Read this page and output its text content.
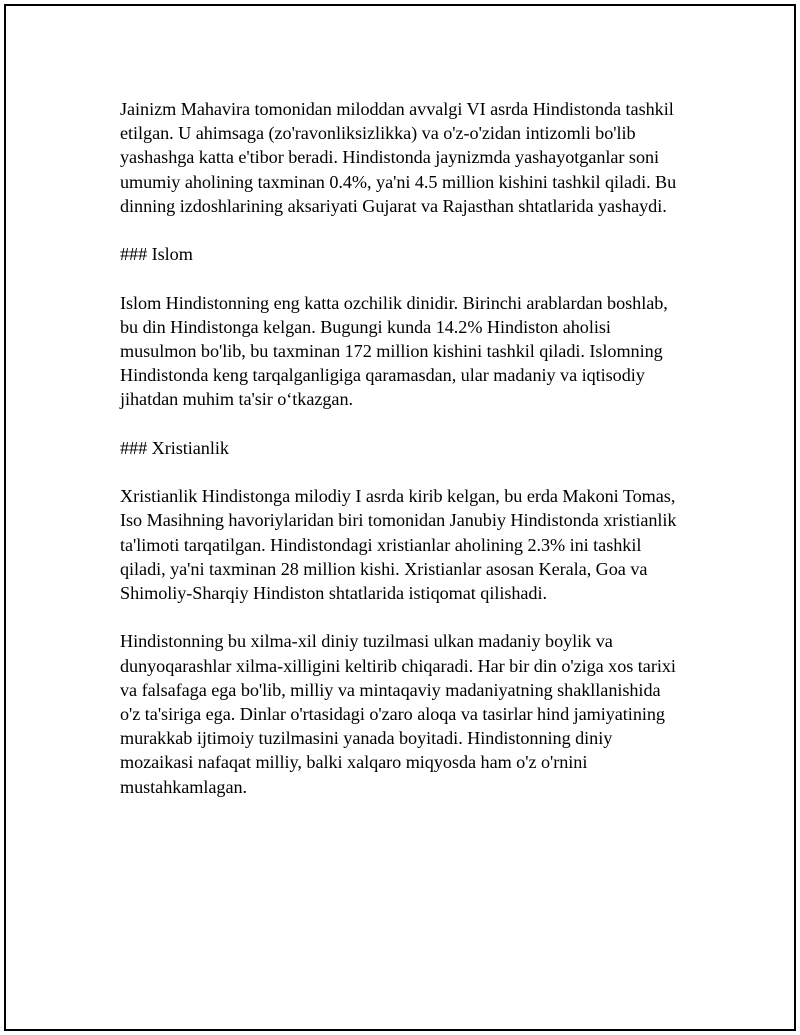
Jainizm Mahavira tomonidan miloddan avvalgi VI asrda Hindistonda tashkil
etilgan. U ahimsaga (zo'ravonliksizlikka) va o'z-o'zidan intizomli bo'lib
yashashga katta e'tibor beradi. Hindistonda jaynizmda yashayotganlar soni
umumiy aholining taxminan 0.4%, ya'ni 4.5 million kishini tashkil qiladi. Bu
dinning izdoshlarining aksariyati Gujarat va Rajasthan shtatlarida yashaydi.

### Islom

Islom Hindistonning eng katta ozchilik dinidir. Birinchi arablardan boshlab,
bu din Hindistonga kelgan. Bugungi kunda 14.2% Hindiston aholisi
musulmon bo'lib, bu taxminan 172 million kishini tashkil qiladi. Islomning
Hindistonda keng tarqalganligiga qaramasdan, ular madaniy va iqtisodiy
jihatdan muhim ta'sir o‘tkazgan.

### Xristianlik

Xristianlik Hindistonga milodiy I asrda kirib kelgan, bu erda Makoni Tomas,
Iso Masihning havoriylaridan biri tomonidan Janubiy Hindistonda xristianlik
ta'limoti tarqatilgan. Hindistondagi xristianlar aholining 2.3% ini tashkil
qiladi, ya'ni taxminan 28 million kishi. Xristianlar asosan Kerala, Goa va
Shimoliy-Sharqiy Hindiston shtatlarida istiqomat qilishadi.

Hindistonning bu xilma-xil diniy tuzilmasi ulkan madaniy boylik va
dunyoqarashlar xilma-xilligini keltirib chiqaradi. Har bir din o'ziga xos tarixi
va falsafaga ega bo'lib, milliy va mintaqaviy madaniyatning shakllanishida
o'z ta'siriga ega. Dinlar o'rtasidagi o'zaro aloqa va tasirlar hind jamiyatining
murakkab ijtimoiy tuzilmasini yanada boyitadi. Hindistonning diniy
mozaikasi nafaqat milliy, balki xalqaro miqyosda ham o'z o'rnini
mustahkamlagan.
